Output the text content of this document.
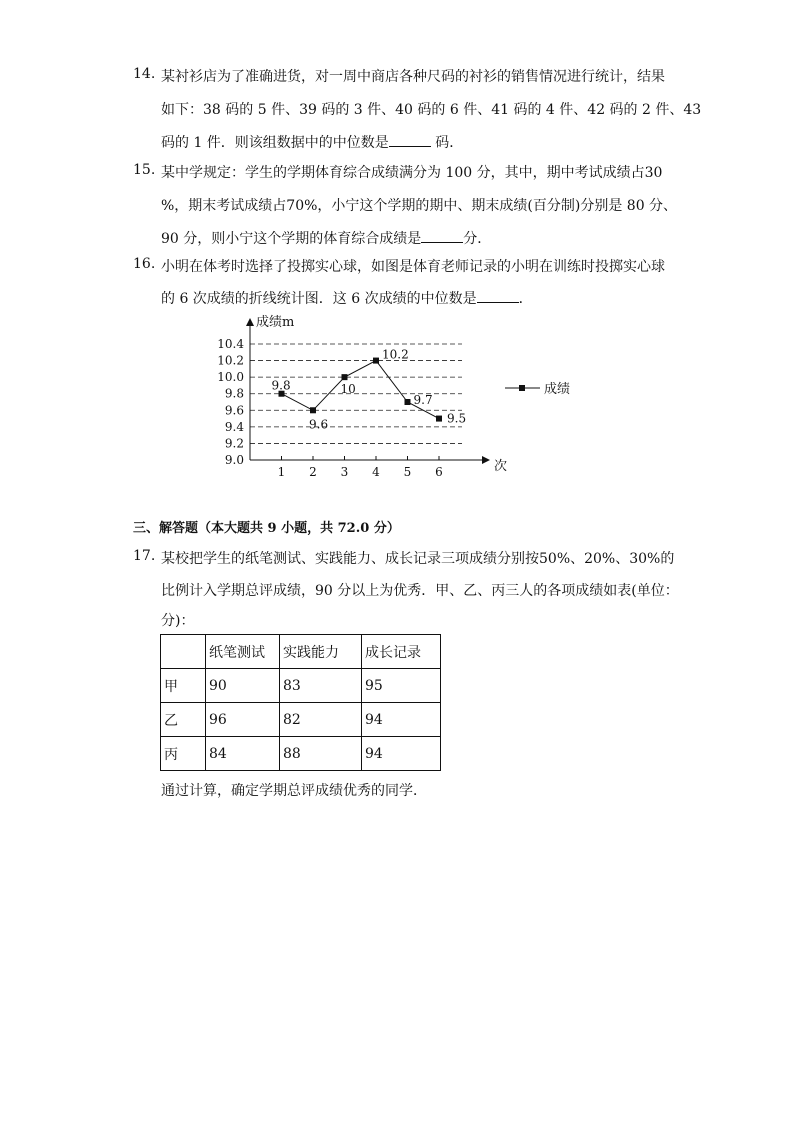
14. 某衬衫店为了准确进货，对一周中商店各种尺码的衬衫的销售情况进行统计，结果
如下：38 码的 5 件、39 码的 3 件、40 码的 6 件、41 码的 4 件、42 码的 2 件、43
码的 1 件．则该组数据中的中位数是	码．
15. 某中学规定：学生的学期体育综合成绩满分为 100 分，其中，期中考试成绩占30
%，期末考试成绩占70%，小宁这个学期的期中、期末成绩(百分制)分别是 80 分、
90 分，则小宁这个学期的体育综合成绩是	分．
16. 小明在体考时选择了投掷实心球，如图是体育老师记录的小明在训练时投掷实心球
的 6 次成绩的折线统计图．这 6 次成绩的中位数是	．
成绩m
次
9.0
9.2
9.4
9.6
9.8
10.0
10.2
10.4
1 2 3 4 5 6
9.8
9.6
10
10.2
9.7
9.5
成绩
三、解答题（本大题共 9 小题，共 72.0 分）
17. 某校把学生的纸笔测试、实践能力、成长记录三项成绩分别按50%、20%、30%的
比例计入学期总评成绩，90 分以上为优秀．甲、乙、丙三人的各项成绩如表(单位：
分)：
	纸笔测试	实践能力	成长记录
甲	90	83	95
乙	96	82	94
丙	84	88	94
通过计算，确定学期总评成绩优秀的同学．
